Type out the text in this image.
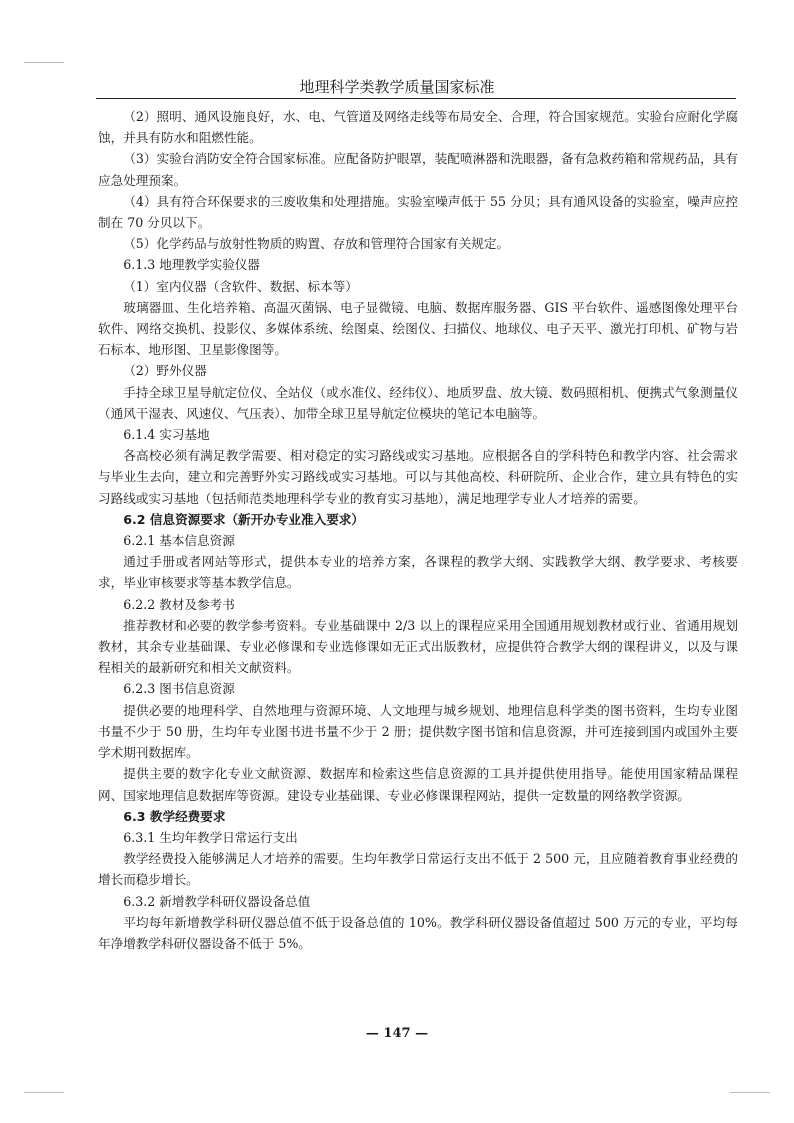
地理科学类教学质量国家标准

（2）照明、通风设施良好，水、电、气管道及网络走线等布局安全、合理，符合国家规范。实验台应耐化学腐蚀，并具有防水和阻燃性能。

（3）实验台消防安全符合国家标准。应配备防护眼罩，装配喷淋器和洗眼器，备有急救药箱和常规药品，具有应急处理预案。

（4）具有符合环保要求的三废收集和处理措施。实验室噪声低于 55 分贝；具有通风设备的实验室，噪声应控制在 70 分贝以下。

（5）化学药品与放射性物质的购置、存放和管理符合国家有关规定。

6.1.3 地理教学实验仪器

（1）室内仪器（含软件、数据、标本等）

玻璃器皿、生化培养箱、高温灭菌锅、电子显微镜、电脑、数据库服务器、GIS 平台软件、遥感图像处理平台软件、网络交换机、投影仪、多媒体系统、绘图桌、绘图仪、扫描仪、地球仪、电子天平、激光打印机、矿物与岩石标本、地形图、卫星影像图等。

（2）野外仪器

手持全球卫星导航定位仪、全站仪（或水准仪、经纬仪）、地质罗盘、放大镜、数码照相机、便携式气象测量仪（通风干湿表、风速仪、气压表）、加带全球卫星导航定位模块的笔记本电脑等。

6.1.4 实习基地

各高校必须有满足教学需要、相对稳定的实习路线或实习基地。应根据各自的学科特色和教学内容、社会需求与毕业生去向，建立和完善野外实习路线或实习基地。可以与其他高校、科研院所、企业合作，建立具有特色的实习路线或实习基地（包括师范类地理科学专业的教育实习基地），满足地理学专业人才培养的需要。

6.2 信息资源要求（新开办专业准入要求）

6.2.1 基本信息资源

通过手册或者网站等形式，提供本专业的培养方案，各课程的教学大纲、实践教学大纲、教学要求、考核要求，毕业审核要求等基本教学信息。

6.2.2 教材及参考书

推荐教材和必要的教学参考资料。专业基础课中 2/3 以上的课程应采用全国通用规划教材或行业、省通用规划教材，其余专业基础课、专业必修课和专业选修课如无正式出版教材，应提供符合教学大纲的课程讲义，以及与课程相关的最新研究和相关文献资料。

6.2.3 图书信息资源

提供必要的地理科学、自然地理与资源环境、人文地理与城乡规划、地理信息科学类的图书资料，生均专业图书量不少于 50 册，生均年专业图书进书量不少于 2 册；提供数字图书馆和信息资源，并可连接到国内或国外主要学术期刊数据库。

提供主要的数字化专业文献资源、数据库和检索这些信息资源的工具并提供使用指导。能使用国家精品课程网、国家地理信息数据库等资源。建设专业基础课、专业必修课课程网站，提供一定数量的网络教学资源。

6.3 教学经费要求

6.3.1 生均年教学日常运行支出

教学经费投入能够满足人才培养的需要。生均年教学日常运行支出不低于 2 500 元，且应随着教育事业经费的增长而稳步增长。

6.3.2 新增教学科研仪器设备总值

平均每年新增教学科研仪器总值不低于设备总值的 10%。教学科研仪器设备值超过 500 万元的专业，平均每年净增教学科研仪器设备不低于 5%。

— 147 —
